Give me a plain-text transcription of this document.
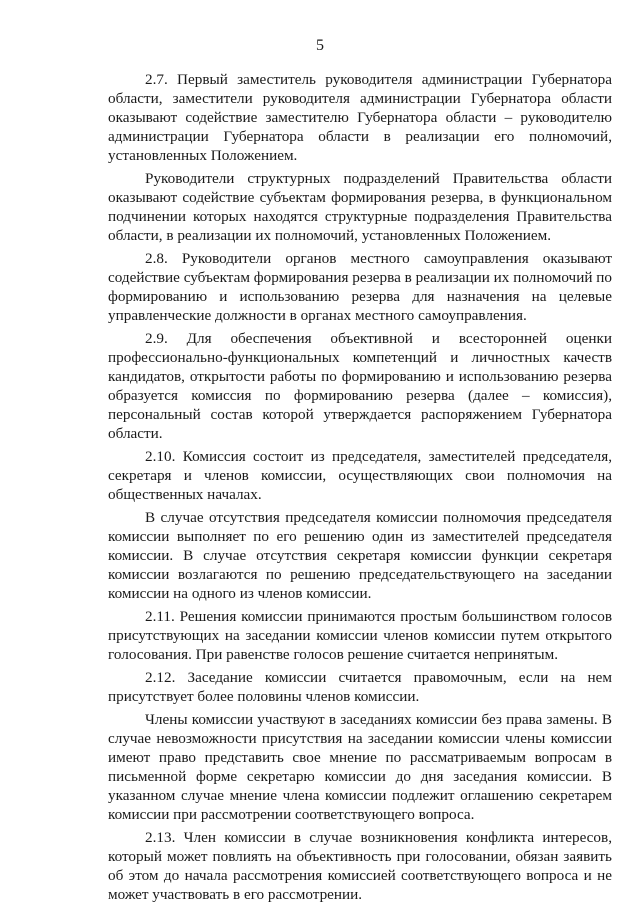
5

2.7. Первый заместитель руководителя администрации Губернатора области, заместители руководителя администрации Губернатора области оказывают содействие заместителю Губернатора области – руководителю администрации Губернатора области в реализации его полномочий, установленных Положением.

Руководители структурных подразделений Правительства области оказывают содействие субъектам формирования резерва, в функциональном подчинении которых находятся структурные подразделения Правительства области, в реализации их полномочий, установленных Положением.

2.8. Руководители органов местного самоуправления оказывают содействие субъектам формирования резерва в реализации их полномочий по формированию и использованию резерва для назначения на целевые управленческие должности в органах местного самоуправления.

2.9. Для обеспечения объективной и всесторонней оценки профессионально-функциональных компетенций и личностных качеств кандидатов, открытости работы по формированию и использованию резерва образуется комиссия по формированию резерва (далее – комиссия), персональный состав которой утверждается распоряжением Губернатора области.

2.10. Комиссия состоит из председателя, заместителей председателя, секретаря и членов комиссии, осуществляющих свои полномочия на общественных началах.

В случае отсутствия председателя комиссии полномочия председателя комиссии выполняет по его решению один из заместителей председателя комиссии. В случае отсутствия секретаря комиссии функции секретаря комиссии возлагаются по решению председательствующего на заседании комиссии на одного из членов комиссии.

2.11. Решения комиссии принимаются простым большинством голосов присутствующих на заседании комиссии членов комиссии путем открытого голосования. При равенстве голосов решение считается непринятым.

2.12. Заседание комиссии считается правомочным, если на нем присутствует более половины членов комиссии.

Члены комиссии участвуют в заседаниях комиссии без права замены. В случае невозможности присутствия на заседании комиссии члены комиссии имеют право представить свое мнение по рассматриваемым вопросам в письменной форме секретарю комиссии до дня заседания комиссии. В указанном случае мнение члена комиссии подлежит оглашению секретарем комиссии при рассмотрении соответствующего вопроса.

2.13. Член комиссии в случае возникновения конфликта интересов, который может повлиять на объективность при голосовании, обязан заявить об этом до начала рассмотрения комиссией соответствующего вопроса и не может участвовать в его рассмотрении.
